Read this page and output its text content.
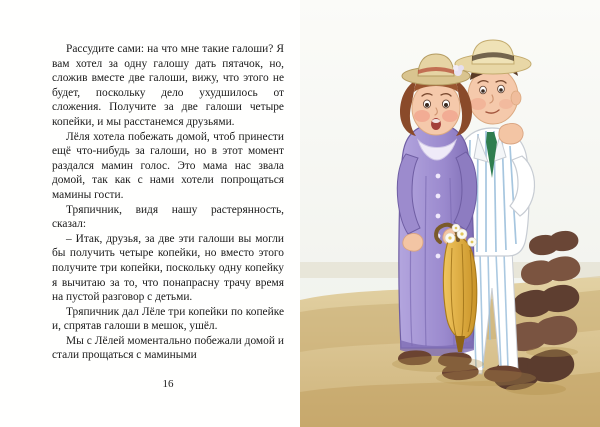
Рассудите сами: на что мне такие галоши? Я вам хотел за одну галошу дать пятачок, но, сложив вместе две галоши, вижу, что этого не будет, поскольку дело ухудшилось от сложения. Получите за две галоши четыре копейки, и мы расстанемся друзьями.

Лёля хотела побежать домой, чтоб принести ещё что-нибудь за галоши, но в этот момент раздался мамин голос. Это мама нас звала домой, так как с нами хотели попрощаться мамины гости.

Тряпичник, видя нашу растерянность, сказал:

– Итак, друзья, за две эти галоши вы могли бы получить четыре копейки, но вместо этого получите три копейки, поскольку одну копейку я вычитаю за то, что понапрасну трачу время на пустой разговор с детьми.

Тряпичник дал Лёле три копейки по копейке и, спрятав галоши в мешок, ушёл.

Мы с Лёлей моментально побежали домой и стали прощаться с мамиными

16
